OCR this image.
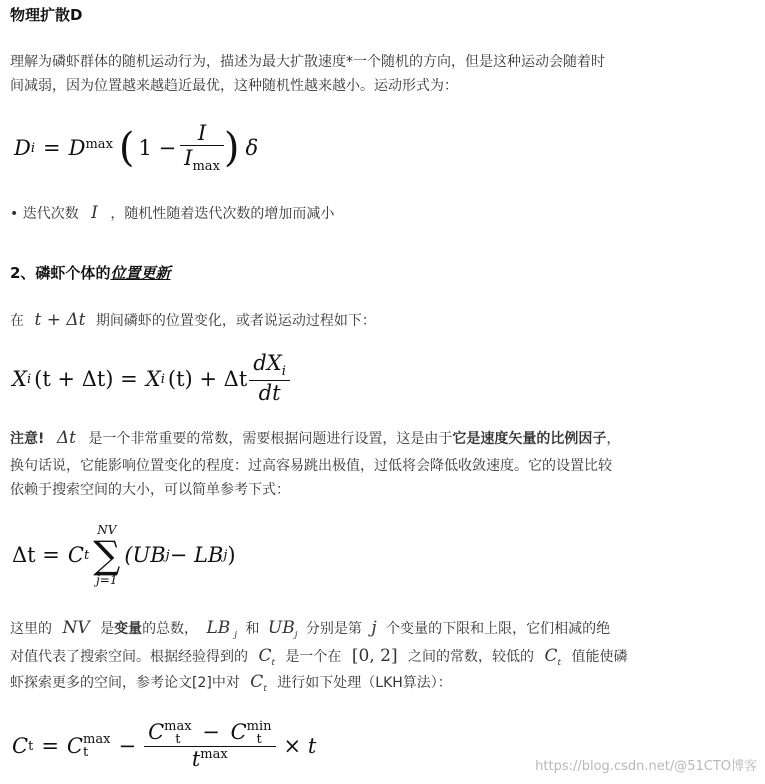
物理扩散D
理解为磷虾群体的随机运动行为，描述为最大扩散速度*一个随机的方向，但是这种运动会随着时
间减弱，因为位置越来越趋近最优，这种随机性越来越小。运动形式为：
D $i = D^{max}$ ( $1 - \frac{I}{I_{max}}$ ) δ
• 迭代次数 I ，随机性随着迭代次数的增加而减小
2、磷虾个体的位置更新
在 t + Δt 期间磷虾的位置变化，或者说运动过程如下：
X i (t + Δt) = X i (t) + Δt $\frac{dX_i}{dt}$
注意! Δt 是一个非常重要的常数，需要根据问题进行设置，这是由于它是速度矢量的比例因子，
换句话说，它能影响位置变化的程度：过高容易跳出极值，过低将会降低收敛速度。它的设置比较
依赖于搜索空间的大小，可以简单参考下式：
Δt = C t
NV
∑
j=1
(UB j − LB j )
这里的 NV 是变量的总数， LB $_j$ 和 $UB_j$ 分别是第 j 个变量的下限和上限，它们相减的绝
对值代表了搜索空间。根据经验得到的 $C_t$ 是一个在 [0, 2] 之间的常数，较低的 $C_t$ 值能使磷
虾探索更多的空间，参考论文[2]中对 $C_t$ 进行如下处理（LKH算法）：
C t = C max
t	− C max
t	− C min
t
$t^{max} \times t$
https://blog.csdn.net/@51CTO博客
